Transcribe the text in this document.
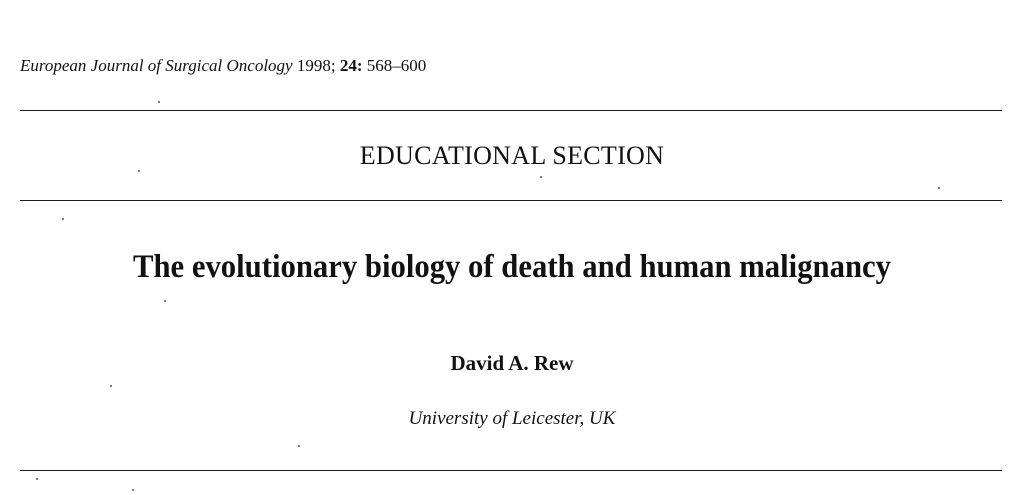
European Journal of Surgical Oncology 1998; 24: 568–600
EDUCATIONAL SECTION
The evolutionary biology of death and human malignancy
David A. Rew
University of Leicester, UK
